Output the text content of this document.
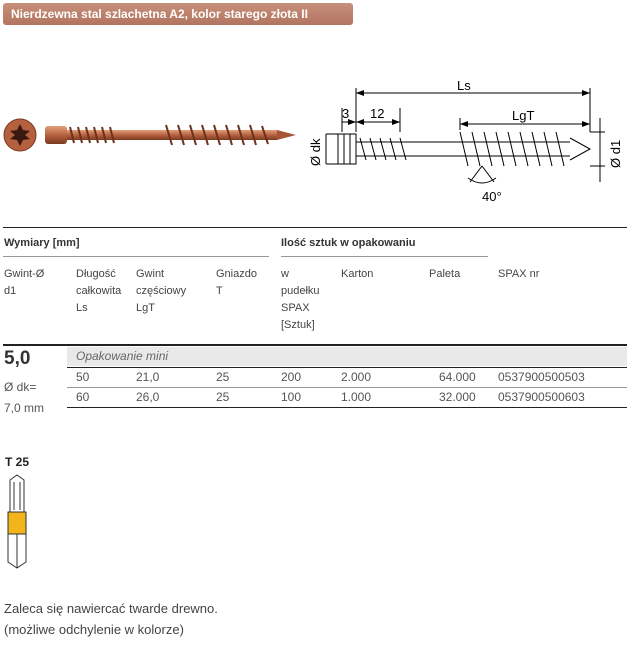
Nierdzewna stal szlachetna A2, kolor starego złota II
Ls
3 12	LgT
Ø dk	Ø d1
40°
Wymiary [mm]	Ilość sztuk w opakowaniu
Gwint-Ø
d1
Długość
całkowita
Ls
Gwint
częściowy
LgT
Gniazdo
T
w
pudełku
SPAX
[Sztuk]
Karton	Paleta	SPAX nr
5,0
Ø dk=
7,0 mm
Opakowanie mini
50	21,0	25	200	2.000	64.000 0537900500503
60	26,0	25	100	1.000	32.000 0537900500603
T 25
Zaleca się nawiercać twarde drewno.
(możliwe odchylenie w kolorze)
